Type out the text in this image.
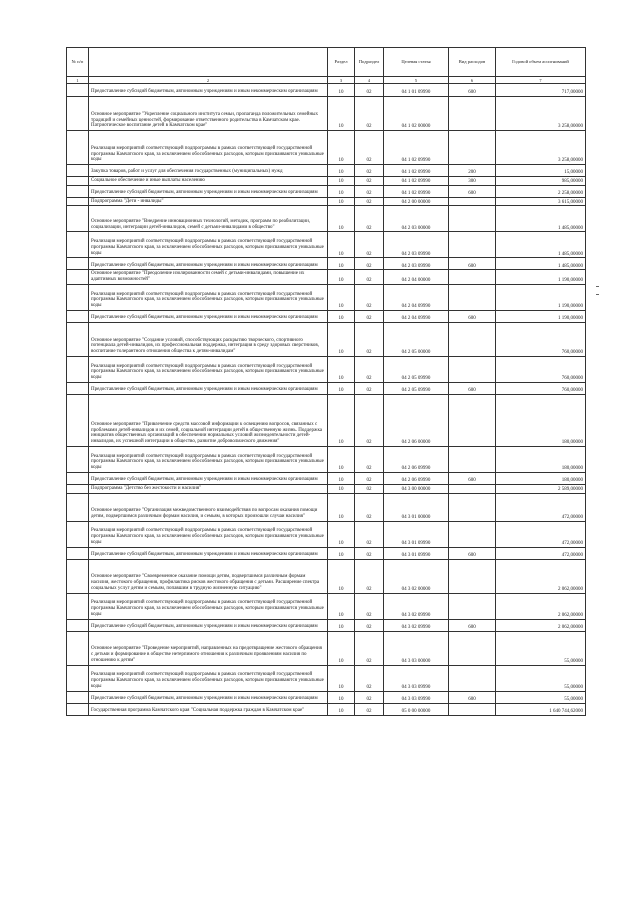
№ п/п		Раздел	Подраздел	Целевая статья	Вид расходов	Годовой объем ассигнований
1	2	3	4	5	6	7
	Предоставление субсидий бюджетным, автономным учреждениям и иным некоммерческим организациям	10	02	04 1 01 09990	600	717,00000
	Основное мероприятие "Укрепление социального института семьи, пропаганда положительных семейных традиций и семейных ценностей, формирование ответственного родительства в Камчатском крае. Патриотическое воспитание детей в Камчатском крае"	10	02	04 1 02 00000		3 258,00000
	Реализация мероприятий соответствующей подпрограммы в рамках соответствующей государственной программы Камчатского края, за исключением обособленных расходов, которым присваиваются уникальные коды	10	02	04 1 02 09990		3 258,00000
	Закупка товаров, работ и услуг для обеспечения государственных (муниципальных) нужд	10	02	04 1 02 09990	200	15,00000
	Социальное обеспечение и иные выплаты населению	10	02	04 1 02 09990	300	985,00000
	Предоставление субсидий бюджетным, автономным учреждениям и иным некоммерческим организациям	10	02	04 1 02 09990	600	2 258,00000
	Подпрограмма "Дети - инвалиды"	10	02	04 2 00 00000		3 615,00000
	Основное мероприятие "Внедрение инновационных технологий, методик, программ по реабилитации, социализации, интеграции детей-инвалидов, семей с детьми-инвалидами в общество"	10	02	04 2 03 00000		1 485,00000
	Реализация мероприятий соответствующей подпрограммы в рамках соответствующей государственной программы Камчатского края, за исключением обособленных расходов, которым присваиваются уникальные коды	10	02	04 2 03 09990		1 485,00000
	Предоставление субсидий бюджетным, автономным учреждениям и иным некоммерческим организациям	10	02	04 2 03 09990	600	1 485,00000
	Основное мероприятие "Преодоление изолированности семей с детьми-инвалидами, повышение их адаптивных возможностей"	10	02	04 2 04 00000		1 190,00000
	Реализация мероприятий соответствующей подпрограммы в рамках соответствующей государственной программы Камчатского края, за исключением обособленных расходов, которым присваиваются уникальные коды	10	02	04 2 04 09990		1 190,00000
	Предоставление субсидий бюджетным, автономным учреждениям и иным некоммерческим организациям	10	02	04 2 04 09990	600	1 190,00000
	Основное мероприятие "Создание условий, способствующих раскрытию творческого, спортивного потенциала детей-инвалидов, их профессиональная поддержка, интеграция в среду здоровых сверстников, воспитание толерантного отношения общества к детям-инвалидам"	10	02	04 2 05 00000		760,00000
	Реализация мероприятий соответствующей подпрограммы в рамках соответствующей государственной программы Камчатского края, за исключением обособленных расходов, которым присваиваются уникальные коды	10	02	04 2 05 09990		760,00000
	Предоставление субсидий бюджетным, автономным учреждениям и иным некоммерческим организациям	10	02	04 2 05 09990	600	760,00000
	Основное мероприятие "Привлечение средств массовой информации к освещению вопросов, связанных с проблемами детей-инвалидов и их семей, социальной интеграции детей в общественную жизнь. Поддержка инициатив общественных организаций в обеспечении нормальных условий жизнедеятельности детей-инвалидов, их успешной интеграции в общество, развитие добровольческого движения"	10	02	04 2 06 00000		180,00000
	Реализация мероприятий соответствующей подпрограммы в рамках соответствующей государственной программы Камчатского края, за исключением обособленных расходов, которым присваиваются уникальные коды	10	02	04 2 06 09990		180,00000
	Предоставление субсидий бюджетным, автономным учреждениям и иным некоммерческим организациям	10	02	04 2 06 09990	600	180,00000
	Подпрограмма "Детство без жестокости и насилия"	10	02	04 3 00 00000		2 589,00000
	Основное мероприятие "Организация межведомственного взаимодействия по вопросам оказания помощи детям, подвергшимся различным формам насилия, и семьям, в которых произошли случаи насилия"	10	02	04 3 01 00000		472,00000
	Реализация мероприятий соответствующей подпрограммы в рамках соответствующей государственной программы Камчатского края, за исключением обособленных расходов, которым присваиваются уникальные коды	10	02	04 3 01 09990		472,00000
	Предоставление субсидий бюджетным, автономным учреждениям и иным некоммерческим организациям	10	02	04 3 01 09990	600	472,00000
	Основное мероприятие "Своевременное оказание помощи детям, подвергшимся различным формам насилия, жестокого обращения, профилактика рисков жестокого обращения с детьми. Расширение спектра социальных услуг детям и семьям, попавшим в трудную жизненную ситуацию"	10	02	04 3 02 00000		2 062,00000
	Реализация мероприятий соответствующей подпрограммы в рамках соответствующей государственной программы Камчатского края, за исключением обособленных расходов, которым присваиваются уникальные коды	10	02	04 3 02 09990		2 062,00000
	Предоставление субсидий бюджетным, автономным учреждениям и иным некоммерческим организациям	10	02	04 3 02 09990	600	2 062,00000
	Основное мероприятие "Проведение мероприятий, направленных на предотвращение жестокого обращения с детьми и формирование в обществе нетерпимого отношения к различным проявлениям насилия по отношению к детям"	10	02	04 3 03 00000		55,00000
	Реализация мероприятий соответствующей подпрограммы в рамках соответствующей государственной программы Камчатского края, за исключением обособленных расходов, которым присваиваются уникальные коды	10	02	04 3 03 09990		55,00000
	Предоставление субсидий бюджетным, автономным учреждениям и иным некоммерческим организациям	10	02	04 3 03 09990	600	55,00000
	Государственная программа Камчатского края "Социальная поддержка граждан в Камчатском крае"	10	02	05 0 00 00000		1 640 744,62000
